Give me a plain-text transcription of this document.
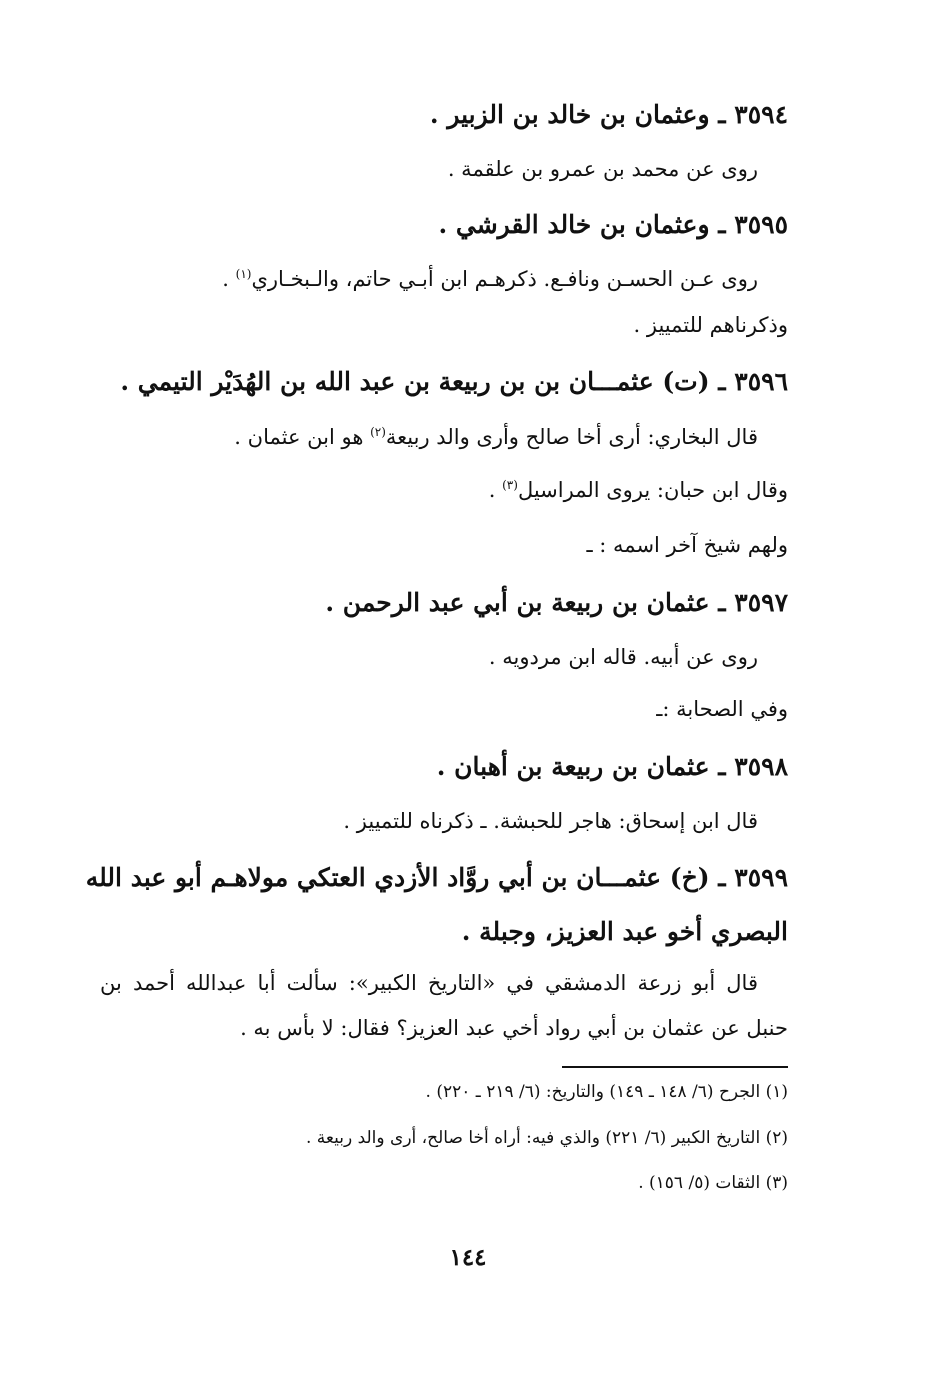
٣٥٩٤ ـ وعثمان بن خالد بن الزبير .
روى عن محمد بن عمرو بن علقمة .
٣٥٩٥ ـ وعثمان بن خالد القرشي .
روى عـن الحسـن ونافـع. ذكرهـم ابن أبـي حاتم، والـبخـاري$^{(١)}$ .
وذكرناهم للتمييز .
٣٥٩٦ ـ (ت) عثمـــان بن بن ربيعة بن عبد الله بن الهُدَيْر التيمي .
قال البخاري: أرى أخا صالح وأرى والد ربيعة$^{(٢)}$ هو ابن عثمان .
وقال ابن حبان: يروى المراسيل$^{(٣)}$ .
ولهم شيخ آخر اسمه : ـ
٣٥٩٧ ـ عثمان بن ربيعة بن أبي عبد الرحمن .
روى عن أبيه. قاله ابن مردويه .
وفي الصحابة :ـ
٣٥٩٨ ـ عثمان بن ربيعة بن أهبان .
قال ابن إسحاق: هاجر للحبشة. ـ ذكرناه للتمييز .
٣٥٩٩ ـ (خ) عثمـــان بن أبي روَّاد الأزدي العتكي مولاهـم أبو عبد الله
البصري أخو عبد العزيز، وجبلة .
قال أبو زرعة الدمشقي في «التاريخ الكبير»: سألت أبا عبدالله أحمد بن
حنبل عن عثمان بن أبي رواد أخي عبد العزيز؟ فقال: لا بأس به .
(١) الجرح (٦/ ١٤٨ ـ ١٤٩) والتاريخ: (٦/ ٢١٩ ـ ٢٢٠) .
(٢) التاريخ الكبير (٦/ ٢٢١) والذي فيه: أراه أخا صالح، أرى والد ربيعة .
(٣) الثقات (٥/ ١٥٦) .
١٤٤
